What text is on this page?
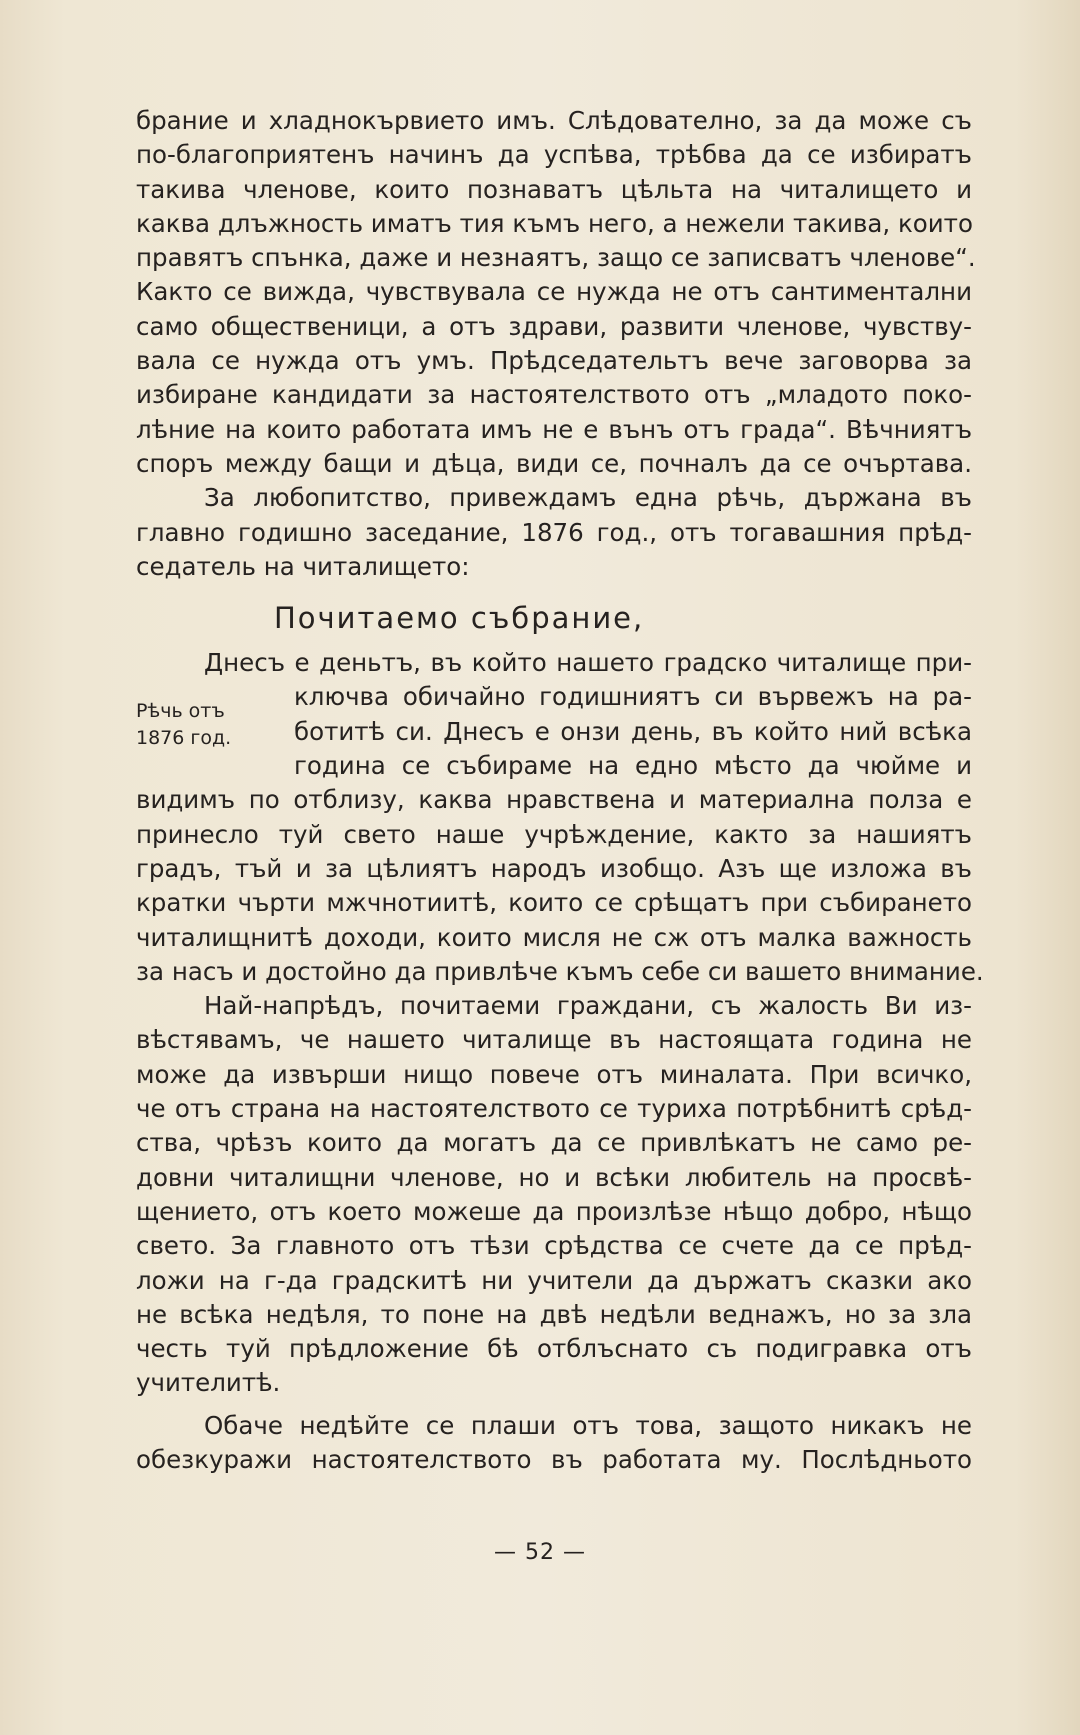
брание и хладнокървието имъ. Слѣдователно, за да може съ
по-благоприятенъ начинъ да успѣва, трѣбва да се избиратъ
такива членове, които познаватъ цѣльта на читалището и
каква длъжность иматъ тия къмъ него, а нежели такива, които
правятъ спънка, даже и незнаятъ, защо се записватъ членове“.
Както се вижда, чувствувала се нужда не отъ сантиментални
само общественици, а отъ здрави, развити членове, чувству-
вала се нужда отъ умъ. Прѣдседательтъ вече заговорва за
избиране кандидати за настоятелството отъ „младото поко-
лѣние на които работата имъ не е вънъ отъ града“. Вѣчниятъ
споръ между бащи и дѣца, види се, почналъ да се очъртава.
За любопитство, привеждамъ една рѣчь, държана въ
главно годишно заседание, 1876 год., отъ тогавашния прѣд-
седатель на читалището:
Почитаемо събрание,
Рѣчь отъ
1876 год.
Днесъ е деньтъ, въ който нашето градско читалище при-
ключва обичайно годишниятъ си вървежъ на ра-
ботитѣ си. Днесъ е онзи день, въ който ний всѣка
година се събираме на едно мѣсто да чюйме и
видимъ по отблизу, каква нравствена и материална полза е
принесло туй свето наше учрѣждение, както за нашиятъ
градъ, тъй и за цѣлиятъ народъ изобщо. Азъ ще изложа въ
кратки чърти мжчнотиитѣ, които се срѣщатъ при събирането
читалищнитѣ доходи, които мисля не сж отъ малка важность
за насъ и достойно да привлѣче къмъ себе си вашето внимание.
Най-напрѣдъ, почитаеми граждани, съ жалость Ви из-
вѣстявамъ, че нашето читалище въ настоящата година не
може да извърши нищо повече отъ миналата. При всичко,
че отъ страна на настоятелството се туриха потрѣбнитѣ срѣд-
ства, чрѣзъ които да могатъ да се привлѣкатъ не само ре-
довни читалищни членове, но и всѣки любитель на просвѣ-
щението, отъ което можеше да произлѣзе нѣщо добро, нѣщо
свето. За главното отъ тѣзи срѣдства се счете да се прѣд-
ложи на г-да градскитѣ ни учители да държатъ сказки ако
не всѣка недѣля, то поне на двѣ недѣли веднажъ, но за зла
честь туй прѣдложение бѣ отблъснато съ подигравка отъ
учителитѣ.
Обаче недѣйте се плаши отъ това, защото никакъ не
обезкуражи настоятелството въ работата му. Послѣдньото
— 52 —
